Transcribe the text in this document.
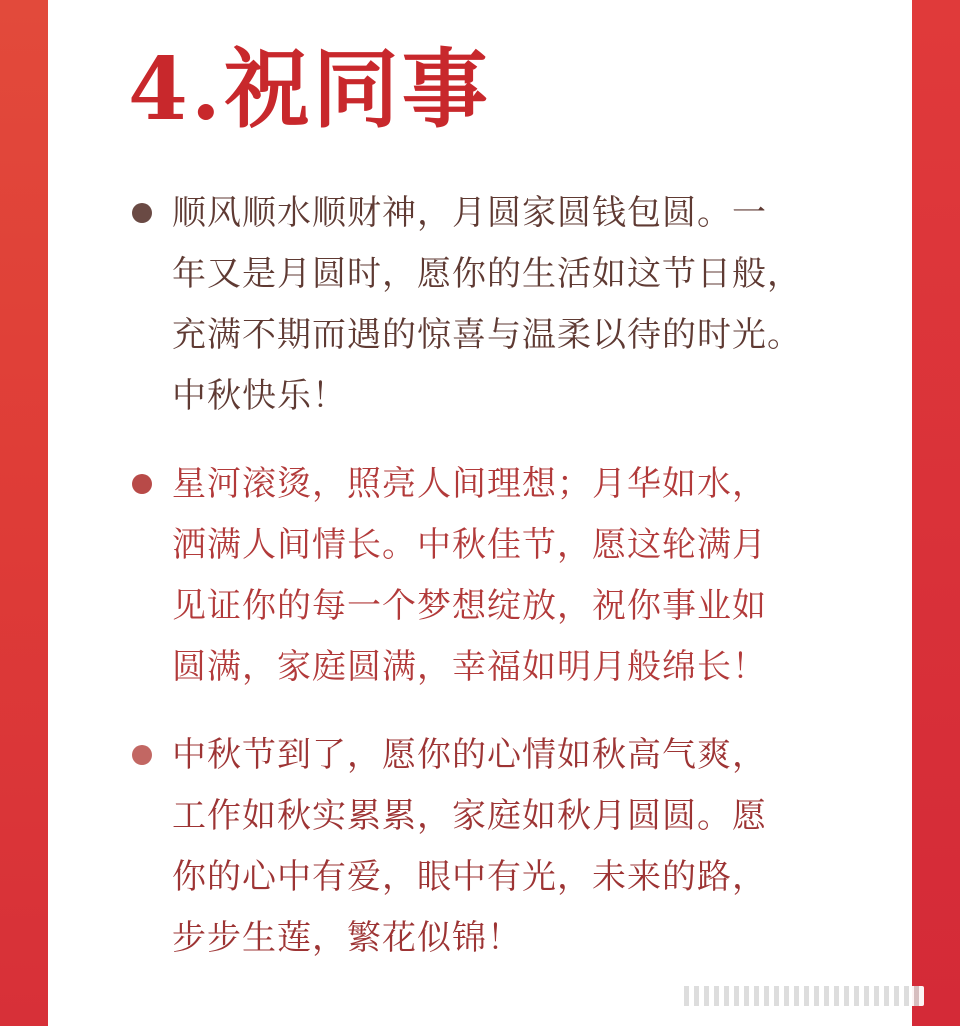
4.祝同事
顺风顺水顺财神，月圆家圆钱包圆。一
年又是月圆时，愿你的生活如这节日般，
充满不期而遇的惊喜与温柔以待的时光。
中秋快乐！
星河滚烫，照亮人间理想；月华如水，
洒满人间情长。中秋佳节，愿这轮满月
见证你的每一个梦想绽放，祝你事业如
圆满，家庭圆满，幸福如明月般绵长！
中秋节到了，愿你的心情如秋高气爽，
工作如秋实累累，家庭如秋月圆圆。愿
你的心中有爱，眼中有光，未来的路，
步步生莲，繁花似锦！
